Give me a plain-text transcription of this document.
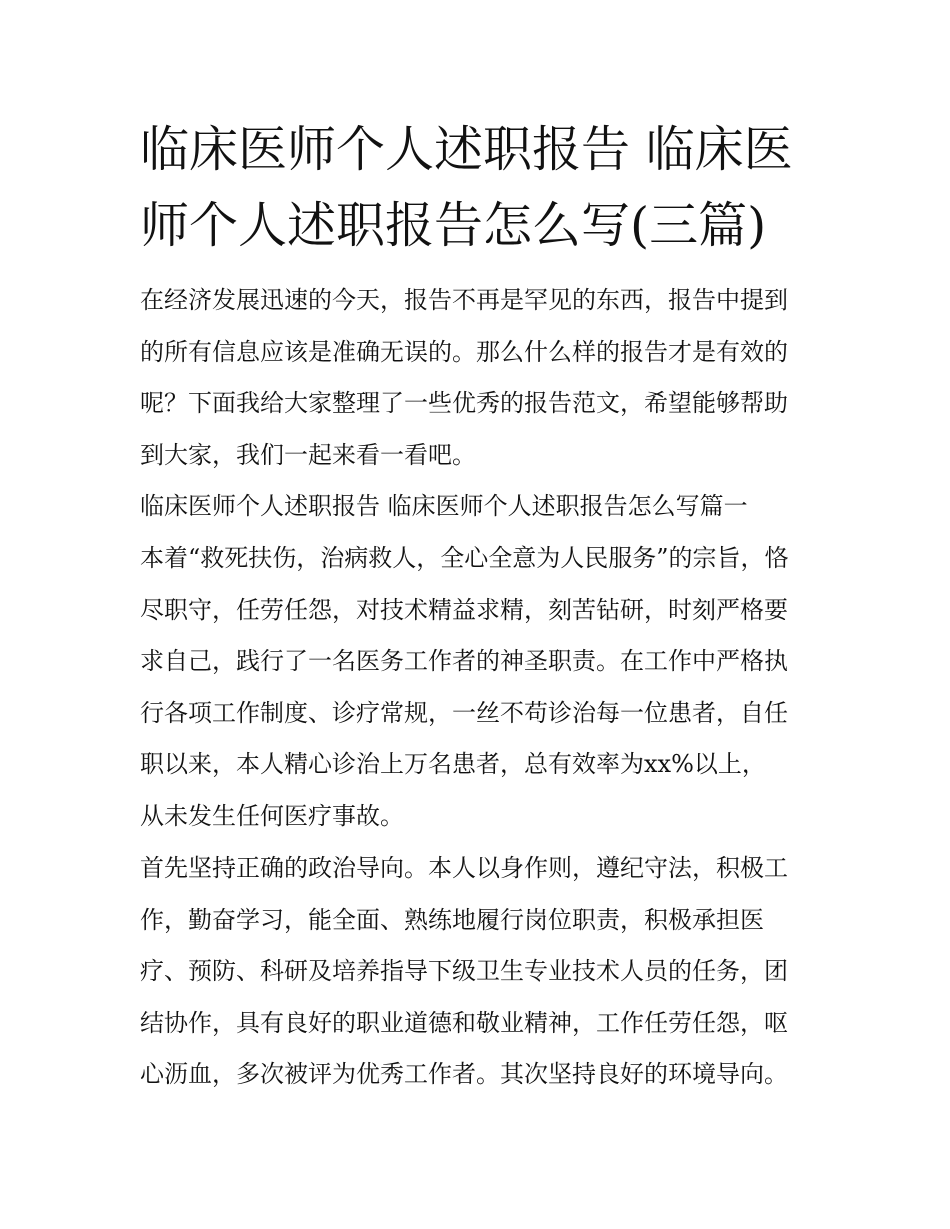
临床医师个人述职报告 临床医
师个人述职报告怎么写(三篇)
在经济发展迅速的今天，报告不再是罕见的东西，报告中提到
的所有信息应该是准确无误的。那么什么样的报告才是有效的
呢？下面我给大家整理了一些优秀的报告范文，希望能够帮助
到大家，我们一起来看一看吧。
临床医师个人述职报告 临床医师个人述职报告怎么写篇一
本着“救死扶伤，治病救人，全心全意为人民服务”的宗旨，恪
尽职守，任劳任怨，对技术精益求精，刻苦钻研，时刻严格要
求自己，践行了一名医务工作者的神圣职责。在工作中严格执
行各项工作制度、诊疗常规，一丝不苟诊治每一位患者，自任
职以来，本人精心诊治上万名患者，总有效率为xx%以上，
从未发生任何医疗事故。
首先坚持正确的政治导向。本人以身作则，遵纪守法，积极工
作，勤奋学习，能全面、熟练地履行岗位职责，积极承担医
疗、预防、科研及培养指导下级卫生专业技术人员的任务，团
结协作，具有良好的职业道德和敬业精神，工作任劳任怨，呕
心沥血，多次被评为优秀工作者。其次坚持良好的环境导向。
